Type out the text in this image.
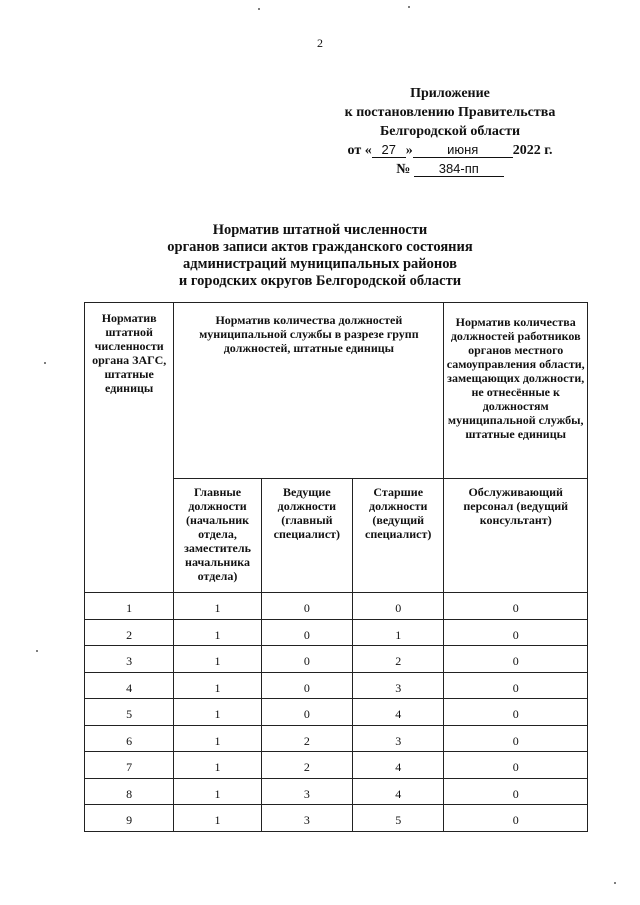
2
Приложение
к постановлению Правительства
Белгородской области
от « 27 »	июня 2022 г.
№ 384-пп
Норматив штатной численности
органов записи актов гражданского состояния
администраций муниципальных районов
и городских округов Белгородской области
Норматив штатной численности органа ЗАГС, штатные единицы	Норматив количества должностей муниципальной службы в разрезе групп должностей, штатные единицы			Норматив количества должностей работников органов местного самоуправления области, замещающих должности, не отнесённые к должностям муниципальной службы, штатные единицы
	Главные должности (начальник отдела, заместитель начальника отдела)	Ведущие должности (главный специалист)	Старшие должности (ведущий специалист)	Обслуживающий персонал (ведущий консультант)
1	1	0	0	0
2	1	0	1	0
3	1	0	2	0
4	1	0	3	0
5	1	0	4	0
6	1	2	3	0
7	1	2	4	0
8	1	3	4	0
9	1	3	5	0
